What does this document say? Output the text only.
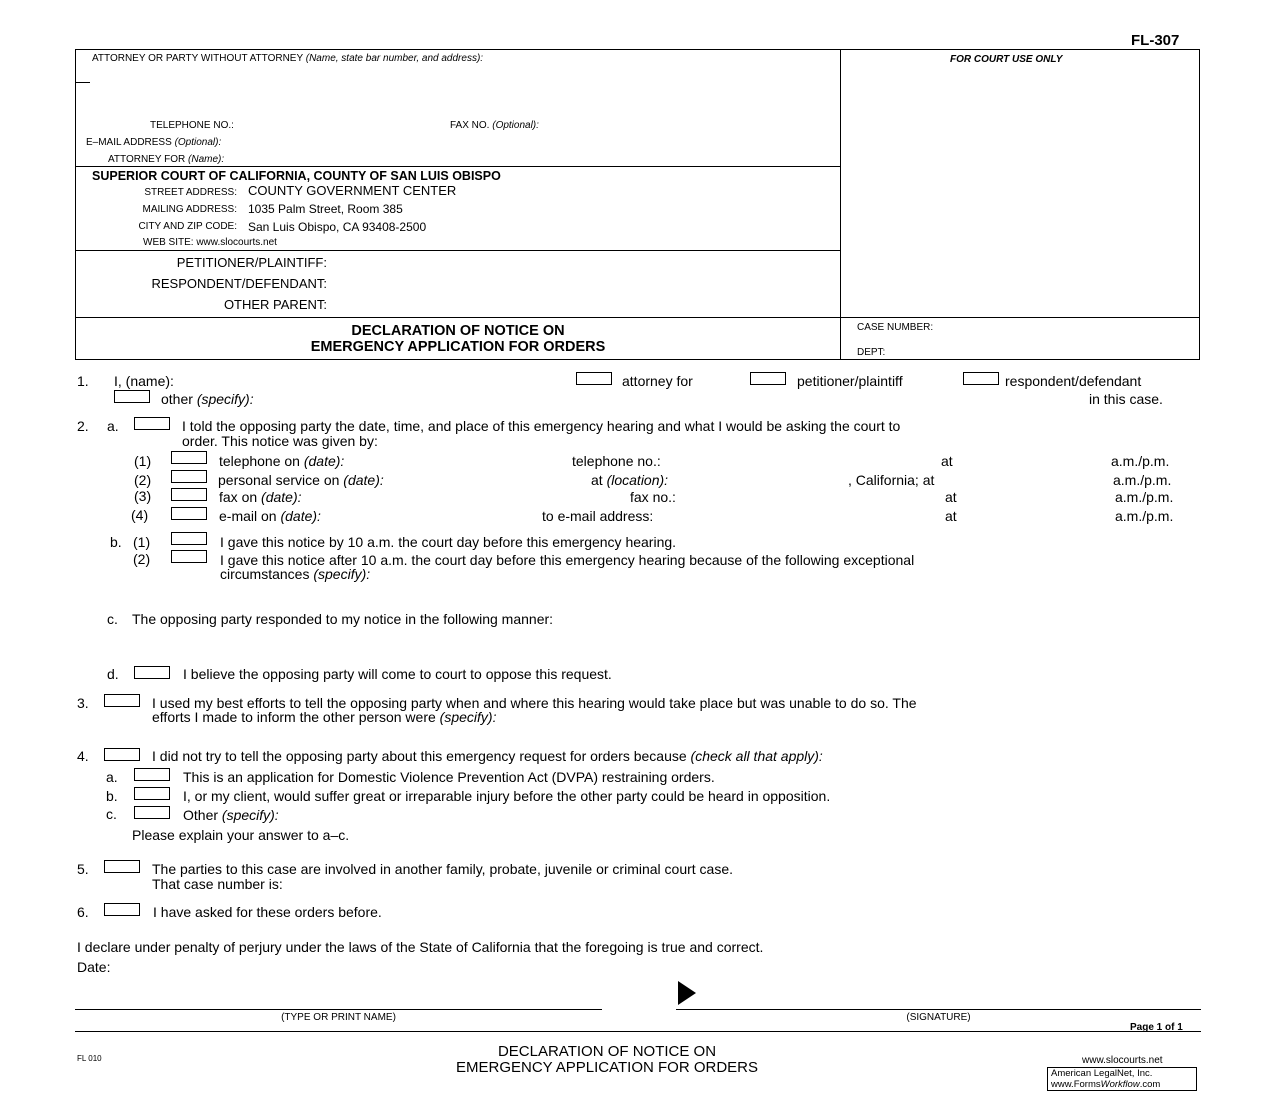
FL-307
ATTORNEY OR PARTY WITHOUT ATTORNEY (Name, state bar number, and address):	FOR COURT USE ONLY
TELEPHONE NO.:	FAX NO. (Optional):
E–MAIL ADDRESS (Optional):
ATTORNEY FOR (Name):
SUPERIOR COURT OF CALIFORNIA, COUNTY OF SAN LUIS OBISPO
STREET ADDRESS: COUNTY GOVERNMENT CENTER
MAILING ADDRESS: 1035 Palm Street, Room 385
CITY AND ZIP CODE: San Luis Obispo, CA 93408-2500
WEB SITE: www.slocourts.net
PETITIONER/PLAINTIFF:
RESPONDENT/DEFENDANT:
OTHER PARENT:
DECLARATION OF NOTICE ON
EMERGENCY APPLICATION FOR ORDERS
CASE NUMBER:
DEPT:
1. I, (name):	attorney for	petitioner/plaintiff	respondent/defendant
other (specify):	in this case.
2. a.	I told the opposing party the date, time, and place of this emergency hearing and what I would be asking the court to
order. This notice was given by:
(1)	telephone on (date):	telephone no.:	at	a.m./p.m.
(2)	personal service on (date):	at (location):	, California; at	a.m./p.m.
(3)	fax on (date):	fax no.:	at	a.m./p.m.
(4)	e-mail on (date):	to e-mail address:	at	a.m./p.m.
b. (1)	I gave this notice by 10 a.m. the court day before this emergency hearing.
(2)	I gave this notice after 10 a.m. the court day before this emergency hearing because of the following exceptional
circumstances (specify):
c. The opposing party responded to my notice in the following manner:
d.	I believe the opposing party will come to court to oppose this request.
3.	I used my best efforts to tell the opposing party when and where this hearing would take place but was unable to do so. The
efforts I made to inform the other person were (specify):
4.	I did not try to tell the opposing party about this emergency request for orders because (check all that apply):
a.	This is an application for Domestic Violence Prevention Act (DVPA) restraining orders.
b.	I, or my client, would suffer great or irreparable injury before the other party could be heard in opposition.
c.	Other (specify):
Please explain your answer to a–c.
5.	The parties to this case are involved in another family, probate, juvenile or criminal court case.
That case number is:
6.	I have asked for these orders before.
I declare under penalty of perjury under the laws of the State of California that the foregoing is true and correct.
Date:
(TYPE OR PRINT NAME)	(SIGNATURE)
Page 1 of 1
FL 010	DECLARATION OF NOTICE ON
EMERGENCY APPLICATION FOR ORDERS	www.slocourts.net
American LegalNet, Inc.
www.FormsWorkflow.com
